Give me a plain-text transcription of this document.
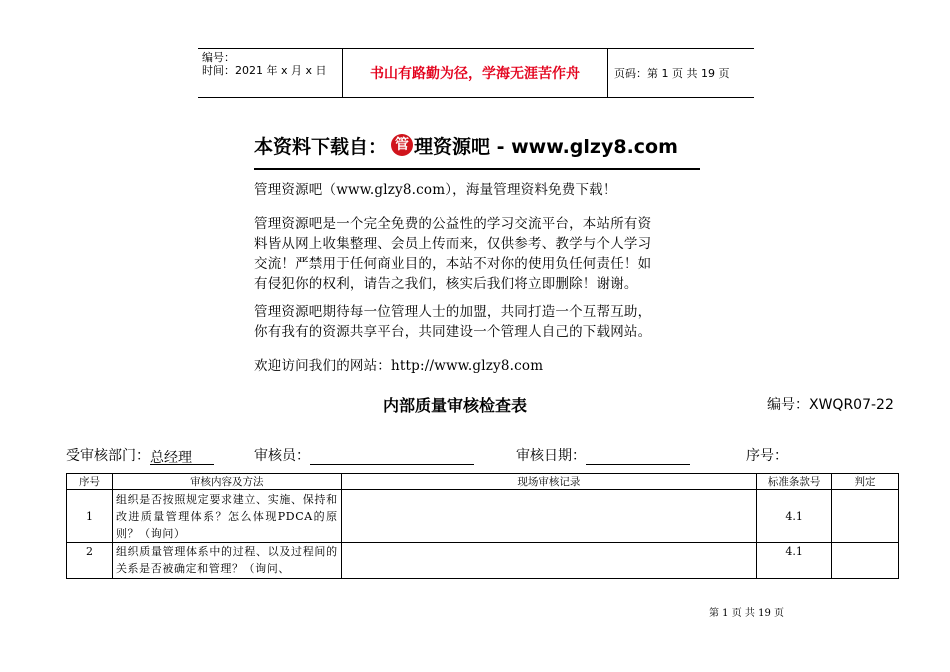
编号：
时间：2021 年 x 月 x 日	书山有路勤为径，学海无涯苦作舟	页码：第 1 页 共 19 页
本资料下载自： 管 理资源吧 - www.glzy8.com

管理资源吧（www.glzy8.com），海量管理资料免费下载！

管理资源吧是一个完全免费的公益性的学习交流平台，本站所有资

料皆从网上收集整理、会员上传而来，仅供参考、教学与个人学习

交流！严禁用于任何商业目的，本站不对你的使用负任何责任！如

有侵犯你的权利，请告之我们，核实后我们将立即删除！谢谢。

管理资源吧期待每一位管理人士的加盟，共同打造一个互帮互助，

你有我有的资源共享平台，共同建设一个管理人自己的下载网站。

欢迎访问我们的网站：http://www.glzy8.com

内部质量审核检查表	编号：XWQR07-22
受审核部门： 总经理	审核员：	审核日期：	序号：
序号	审核内容及方法	现场审核记录	标准条款号	判定
1	组织是否按照规定要求建立、实施、保持和改进质量管理体系？怎么体现PDCA的原则？（询问）		4.1	
2	组织质量管理体系中的过程、以及过程间的关系是否被确定和管理？（询问、		4.1	
第 1 页 共 19 页
